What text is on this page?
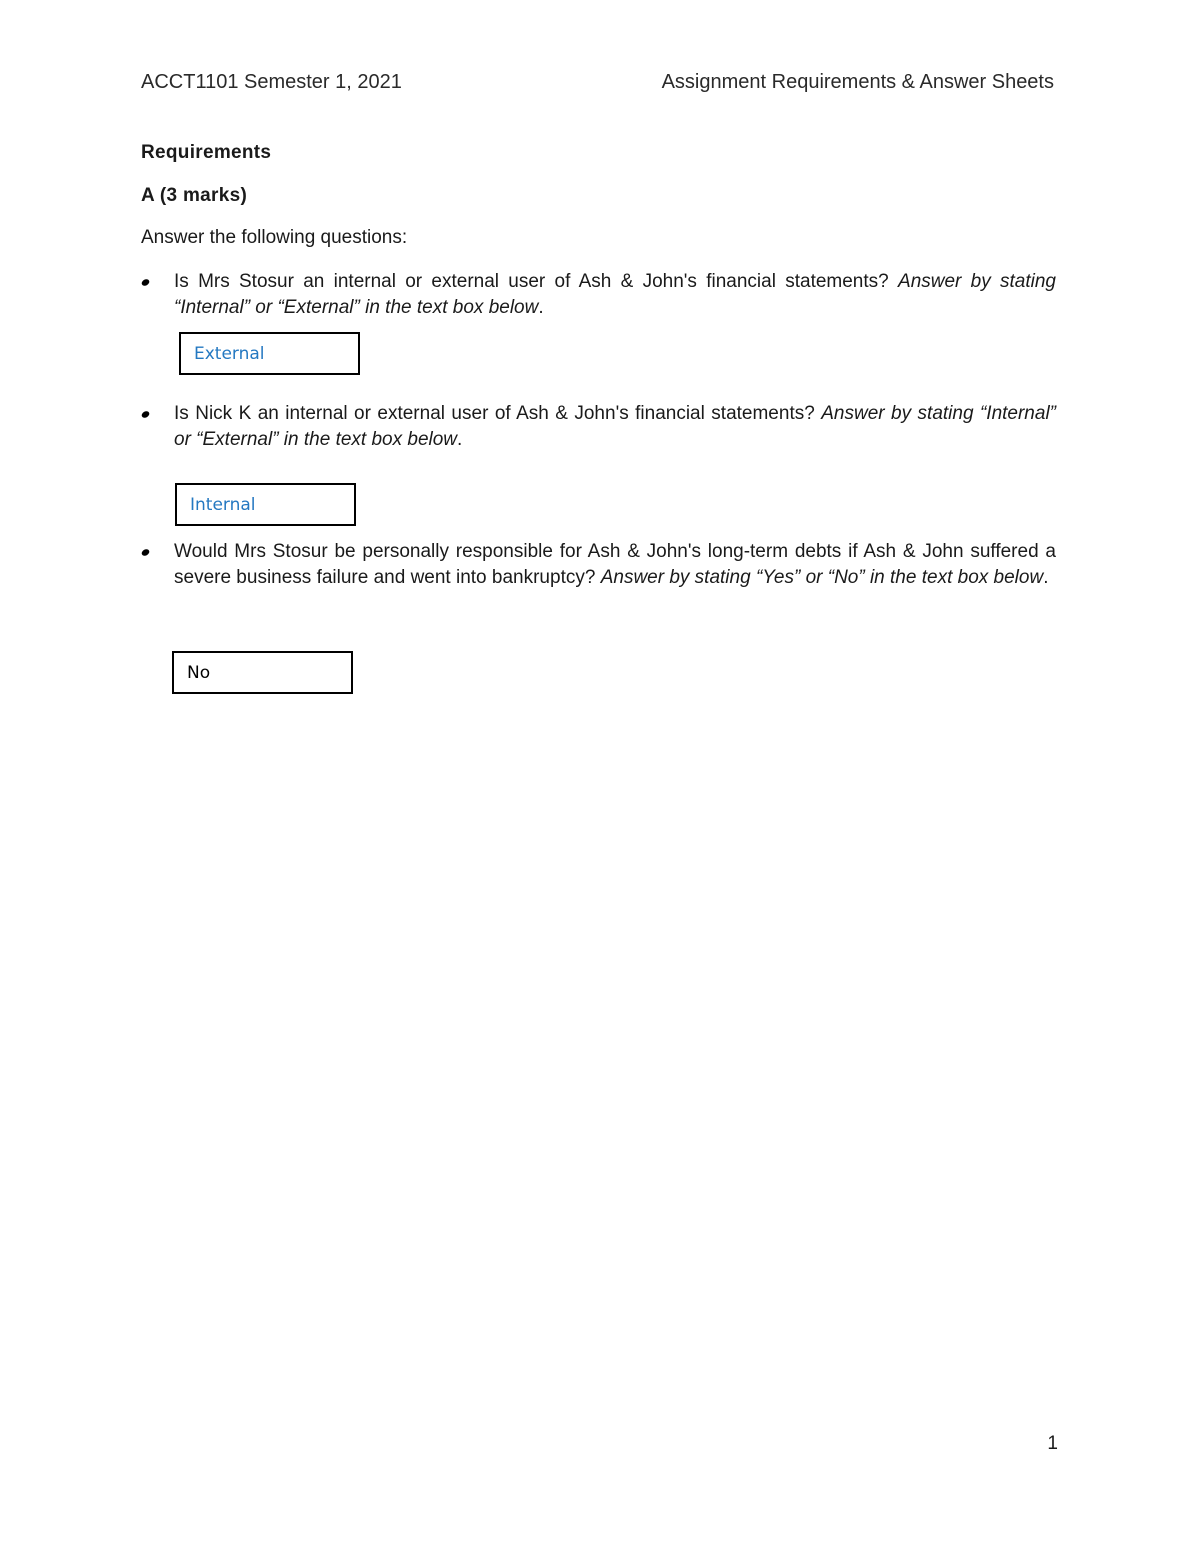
ACCT1101 Semester 1, 2021	Assignment Requirements & Answer Sheets
Requirements
A (3 marks)
Answer the following questions:
Is Mrs Stosur an internal or external user of Ash & John's financial statements? Answer by stating “Internal” or “External” in the text box below.
External
Is Nick K an internal or external user of Ash & John's financial statements? Answer by stating “Internal” or “External” in the text box below.
Internal
Would Mrs Stosur be personally responsible for Ash & John's long-term debts if Ash & John suffered a severe business failure and went into bankruptcy? Answer by stating “Yes” or “No” in the text box below.
No
1
